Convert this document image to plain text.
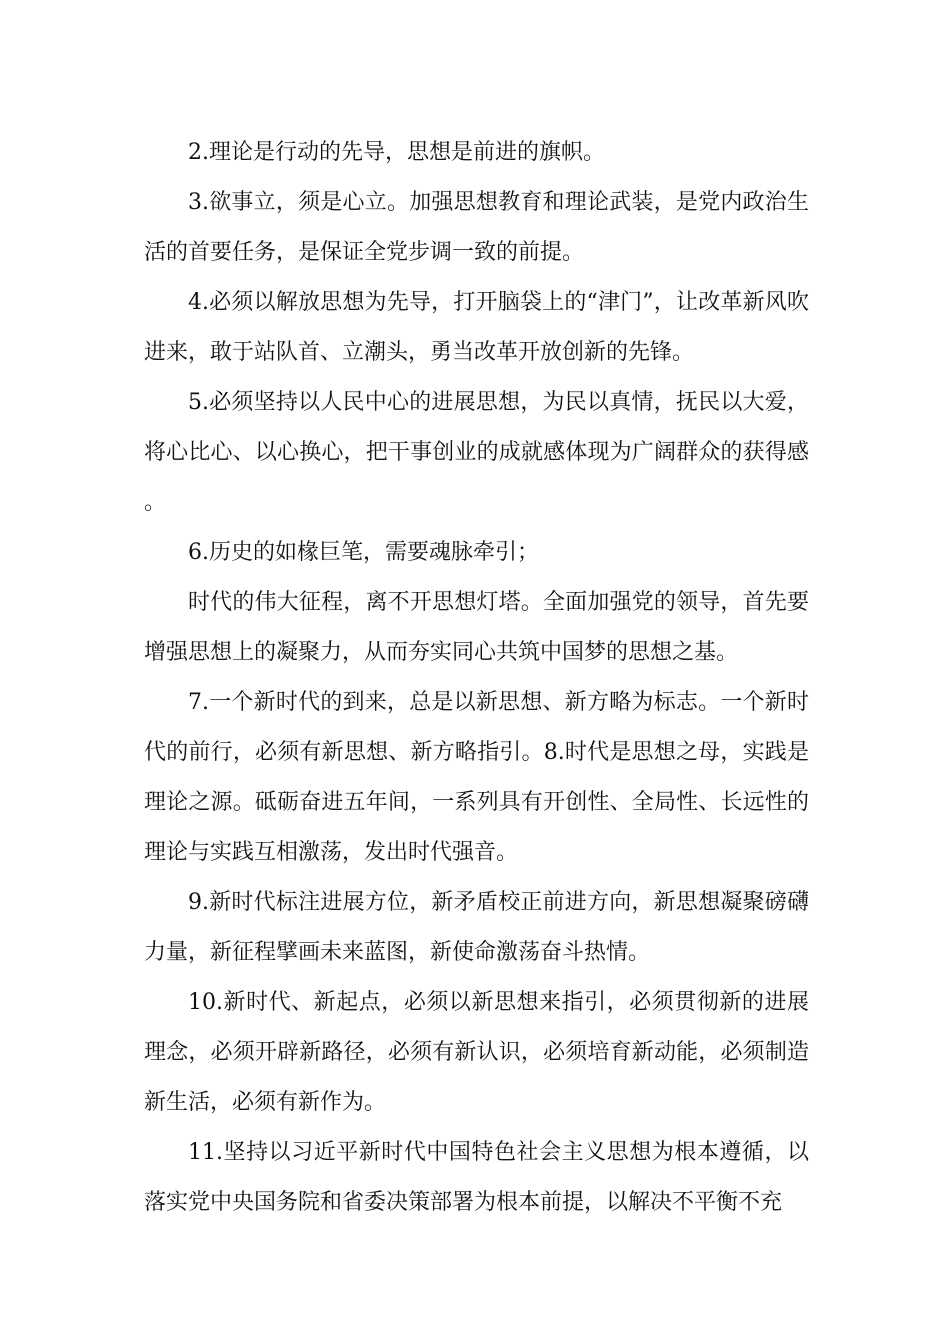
2.理论是行动的先导，思想是前进的旗帜。

3.欲事立，须是心立。加强思想教育和理论武装，是党内政治生活的首要任务，是保证全党步调一致的前提。

4.必须以解放思想为先导，打开脑袋上的“津门”，让改革新风吹进来，敢于站队首、立潮头，勇当改革开放创新的先锋。

5.必须坚持以人民中心的进展思想，为民以真情，抚民以大爱，将心比心、以心换心，把干事创业的成就感体现为广阔群众的获得感。

6.历史的如椽巨笔，需要魂脉牵引；

时代的伟大征程，离不开思想灯塔。全面加强党的领导，首先要增强思想上的凝聚力，从而夯实同心共筑中国梦的思想之基。

7.一个新时代的到来，总是以新思想、新方略为标志。一个新时代的前行，必须有新思想、新方略指引。8.时代是思想之母，实践是理论之源。砥砺奋进五年间，一系列具有开创性、全局性、长远性的理论与实践互相激荡，发出时代强音。

9.新时代标注进展方位，新矛盾校正前进方向，新思想凝聚磅礴力量，新征程擘画未来蓝图，新使命激荡奋斗热情。

10.新时代、新起点，必须以新思想来指引，必须贯彻新的进展理念，必须开辟新路径，必须有新认识，必须培育新动能，必须制造新生活，必须有新作为。

11.坚持以习近平新时代中国特色社会主义思想为根本遵循，以落实党中央国务院和省委决策部署为根本前提，以解决不平衡不充
